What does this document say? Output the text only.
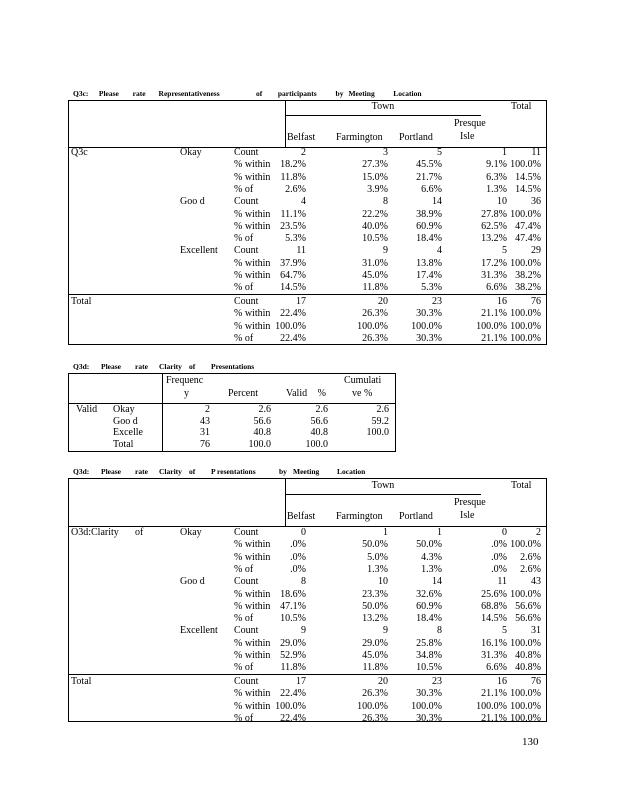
Q3c:	Please	rate	Representativeness	of	participants	by Meeting	Location
Town	Total
Belfast Farmington Portland
Presque
Isle
Q3c	Okay	Count	2	3	5	1	11
% within 18.2%	27.3%	45.5%	9.1% 100.0%
% within	11.8%	15.0%	21.7%	6.3% 14.5%
% of	2.6%	3.9%	6.6%	1.3% 14.5%
Goo d	Count	4	8	14	10	36
% within	11.1%	22.2%	38.9%	27.8% 100.0%
% within 23.5%	40.0%	60.9%	62.5% 47.4%
% of	5.3%	10.5%	18.4%	13.2% 47.4%
Excellent Count	11	9	4	5	29
% within 37.9%	31.0%	13.8%	17.2% 100.0%
% within 64.7%	45.0%	17.4%	31.3% 38.2%
% of	14.5%	11.8%	5.3%	6.6% 38.2%
Total	Count	17	20	23	16	76
% within 22.4%	26.3%	30.3%	21.1% 100.0%
% within 100.0%	100.0%	100.0%	100.0% 100.0%
% of	22.4%	26.3%	30.3%	21.1% 100.0%
Q3d:	Please	rate	Clarity of	Presentations
Frequenc
y	Percent	Valid %
Cumulati
ve %
Valid Okay	2	2.6	2.6	2.6
Goo d	43	56.6	56.6	59.2
Excelle	31	40.8	40.8	100.0
Total	76	100.0	100.0
Q3d:	Please	rate	Clarity of	P resentations	by Meeting	Location
Town	Total
Belfast Farmington Portland
Presque
Isle
O3d:Clarity of	Okay	Count	0	1	1	0	2
% within	.0%	50.0%	50.0%	.0% 100.0%
% within	.0%	5.0%	4.3%	.0%	2.6%
% of	.0%	1.3%	1.3%	.0%	2.6%
Goo d	Count	8	10	14	11	43
% within 18.6%	23.3%	32.6%	25.6% 100.0%
% within 47.1%	50.0%	60.9%	68.8% 56.6%
% of	10.5%	13.2%	18.4%	14.5% 56.6%
Excellent Count	9	9	8	5	31
% within 29.0%	29.0%	25.8%	16.1% 100.0%
% within 52.9%	45.0%	34.8%	31.3% 40.8%
% of	11.8%	11.8%	10.5%	6.6% 40.8%
Total	Count	17	20	23	16	76
% within 22.4%	26.3%	30.3%	21.1% 100.0%
% within 100.0%	100.0%	100.0%	100.0% 100.0%
% of	22.4%	26.3%	30.3%	21.1% 100.0%
130
